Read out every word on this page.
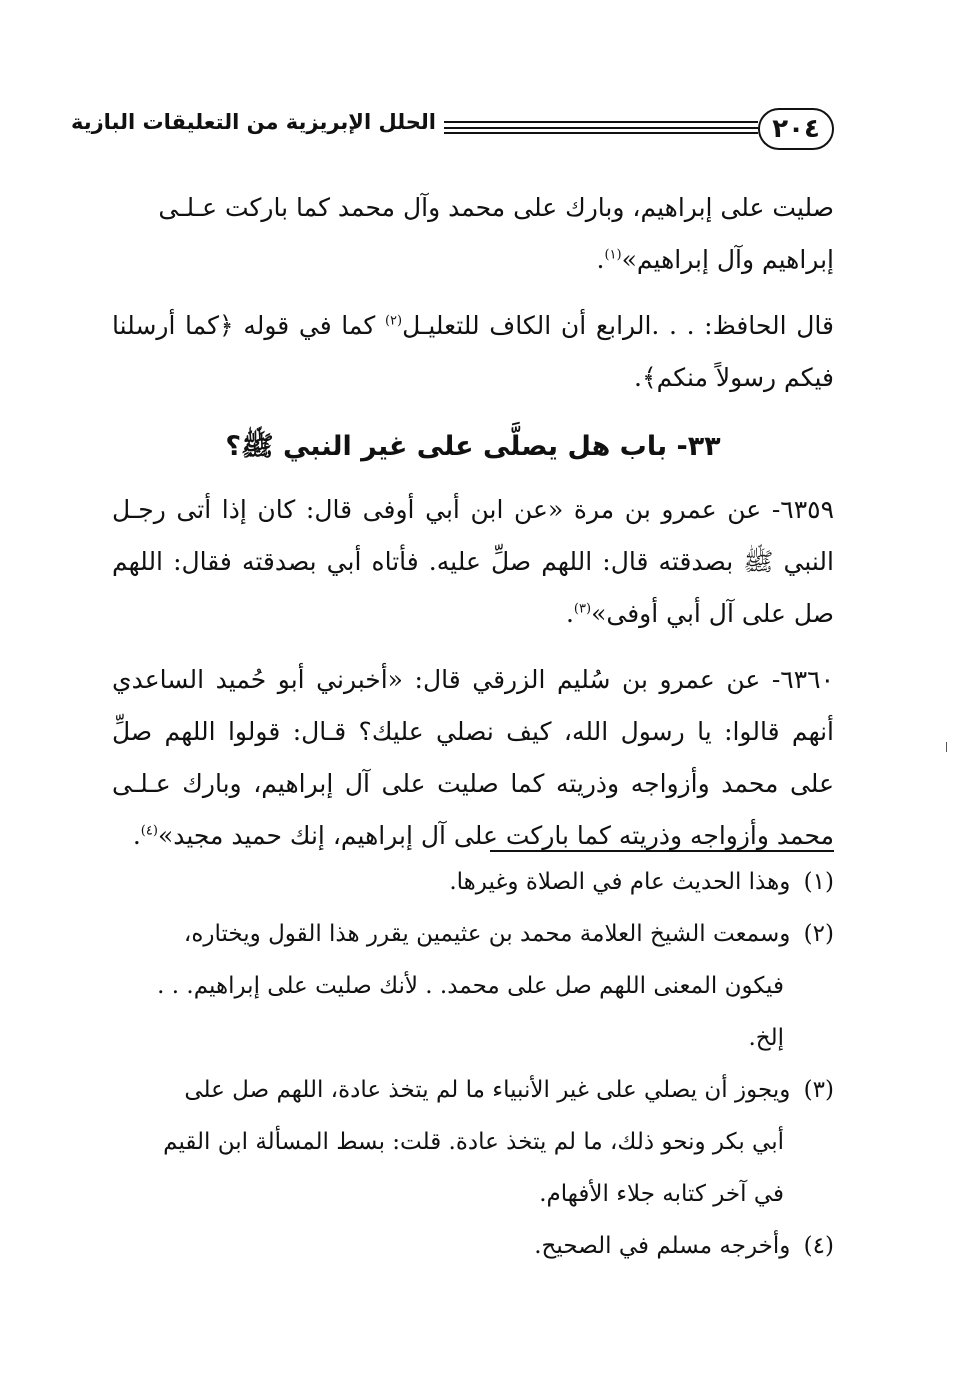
٢٠٤
الحلل الإبريزية من التعليقات البازية

صليت على إبراهيم، وبارك على محمد وآل محمد كما باركت عـلـى
إبراهيم وآل إبراهيم»$^{(١)}$.

قال الحافظ: . . .الرابع أن الكاف للتعليـل$^{(٢)}$ كما في قوله ﴿كما أرسلنا فيكم رسولاً منكم﴾.

٣٣- باب هل يصلَّى على غير النبي ﷺ؟

٦٣٥٩- عن عمرو بن مرة «عن ابن أبي أوفى قال: كان إذا أتى رجـل النبي ﷺ بصدقته قال: اللهم صلِّ عليه. فأتاه أبي بصدقته فقال: اللهم صل على آل أبي أوفى»$^{(٣)}$.

٦٣٦٠- عن عمرو بن سُليم الزرقي قال: «أخبرني أبو حُميد الساعدي أنهم قالوا: يا رسول الله، كيف نصلي عليك؟ قـال: قولوا اللهم صلِّ على محمد وأزواجه وذريته كما صليت على آل إبراهيم، وبارك عـلـى محمد وأزواجه وذريته كما باركت على آل إبراهيم، إنك حميد مجيد»$^{(٤)}$.

(١) وهذا الحديث عام في الصلاة وغيرها.

(٢) وسمعت الشيخ العلامة محمد بن عثيمين يقرر هذا القول ويختاره،

فيكون المعنى اللهم صل على محمد. . لأنك صليت على إبراهيم. . .
إلخ.

(٣) ويجوز أن يصلي على غير الأنبياء ما لم يتخذ عادة، اللهم صل على

أبي بكر ونحو ذلك، ما لم يتخذ عادة. قلت: بسط المسألة ابن القيم
في آخر كتابه جلاء الأفهام.

(٤) وأخرجه مسلم في الصحيح.
